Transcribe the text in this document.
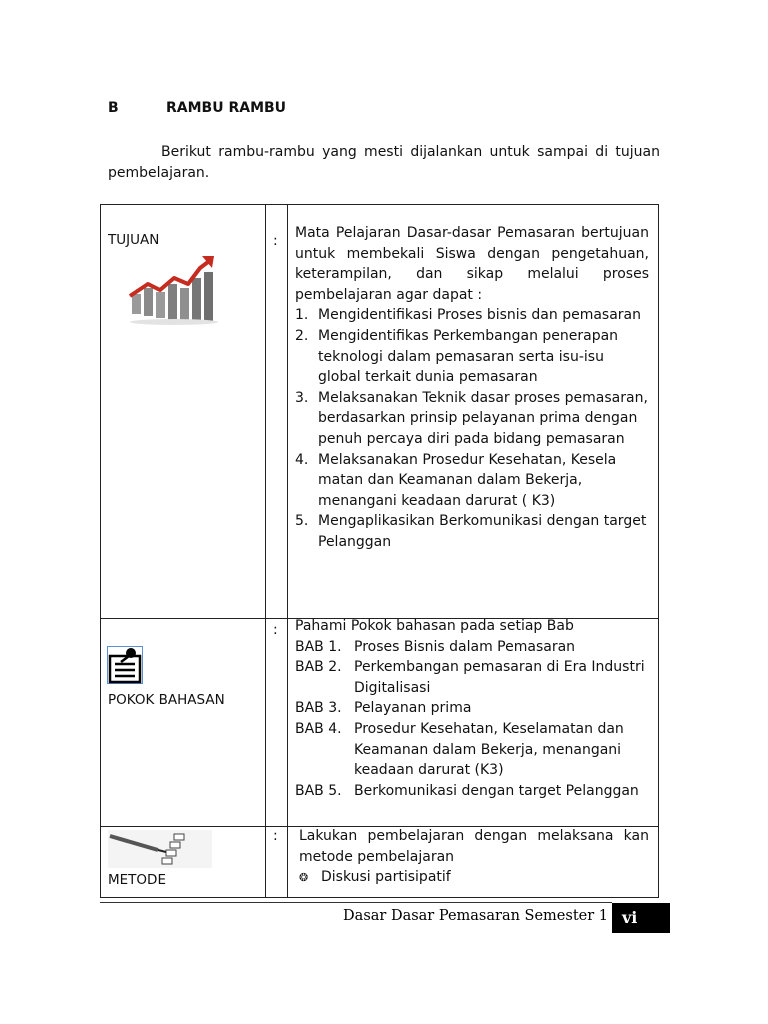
B	RAMBU RAMBU
Berikut rambu-rambu yang mesti dijalankan untuk sampai di tujuan pembelajaran.
TUJUAN	: Mata Pelajaran Dasar-dasar Pemasaran bertujuan untuk membekali Siswa dengan pengetahuan, keterampilan, dan sikap melalui proses pembelajaran agar dapat :
1. Mengidentifikasi Proses bisnis dan pemasaran
2. Mengidentifikas Perkembangan penerapan teknologi dalam pemasaran serta isu-isu global terkait dunia pemasaran
3. Melaksanakan Teknik dasar proses pemasaran, berdasarkan prinsip pelayanan prima dengan penuh percaya diri pada bidang pemasaran
4. Melaksanakan Prosedur Kesehatan, Kesela matan dan Keamanan dalam Bekerja, menangani keadaan darurat ( K3)
5. Mengaplikasikan Berkomunikasi dengan target Pelanggan
POKOK BAHASAN
: Pahami Pokok bahasan pada setiap Bab
BAB 1. Proses Bisnis dalam Pemasaran
BAB 2. Perkembangan pemasaran di Era Industri Digitalisasi
BAB 3. Pelayanan prima
BAB 4. Prosedur Kesehatan, Keselamatan dan Keamanan dalam Bekerja, menangani keadaan darurat (K3)
BAB 5. Berkomunikasi dengan target Pelanggan
METODE
: Lakukan pembelajaran dengan melaksana kan metode pembelajaran
❂ Diskusi partisipatif
Dasar Dasar Pemasaran Semester 1 vi
